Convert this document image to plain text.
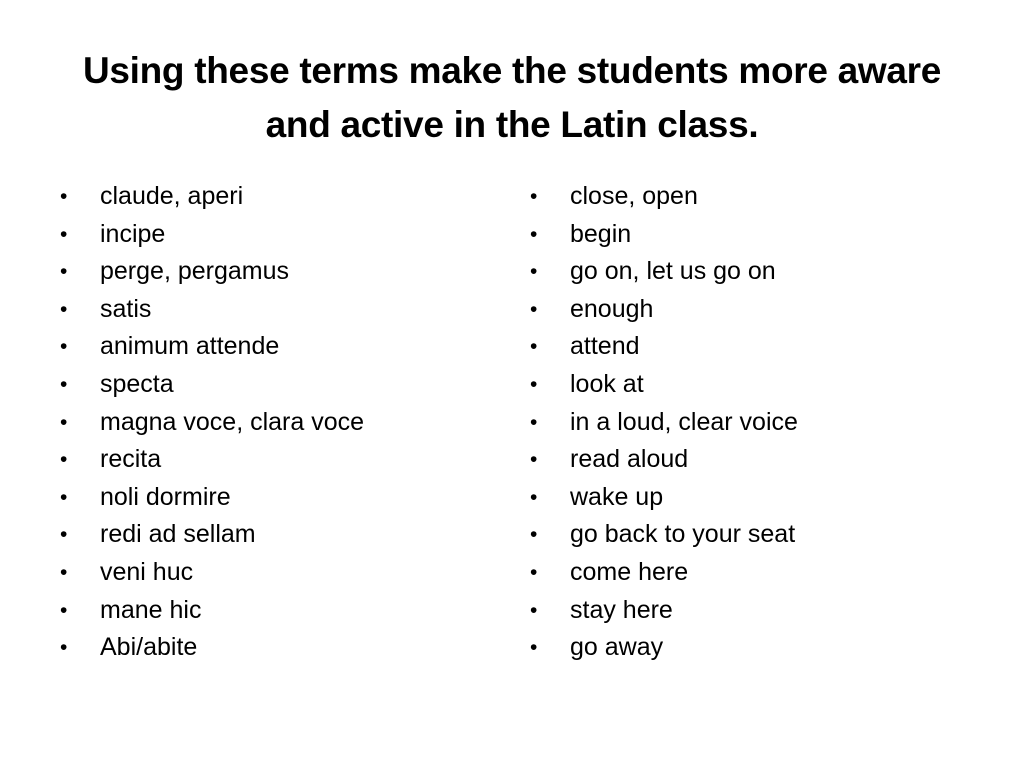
Using these terms make the students more aware and active in the Latin class.
• claude, aperi
• incipe
• perge, pergamus
• satis
• animum attende
• specta
• magna voce, clara voce
• recita
• noli dormire
• redi ad sellam
• veni huc
• mane hic
• Abi/abite
• close, open
• begin
• go on, let us go on
• enough
• attend
• look at
• in a loud, clear voice
• read aloud
• wake up
• go back to your seat
• come here
• stay here
• go away
